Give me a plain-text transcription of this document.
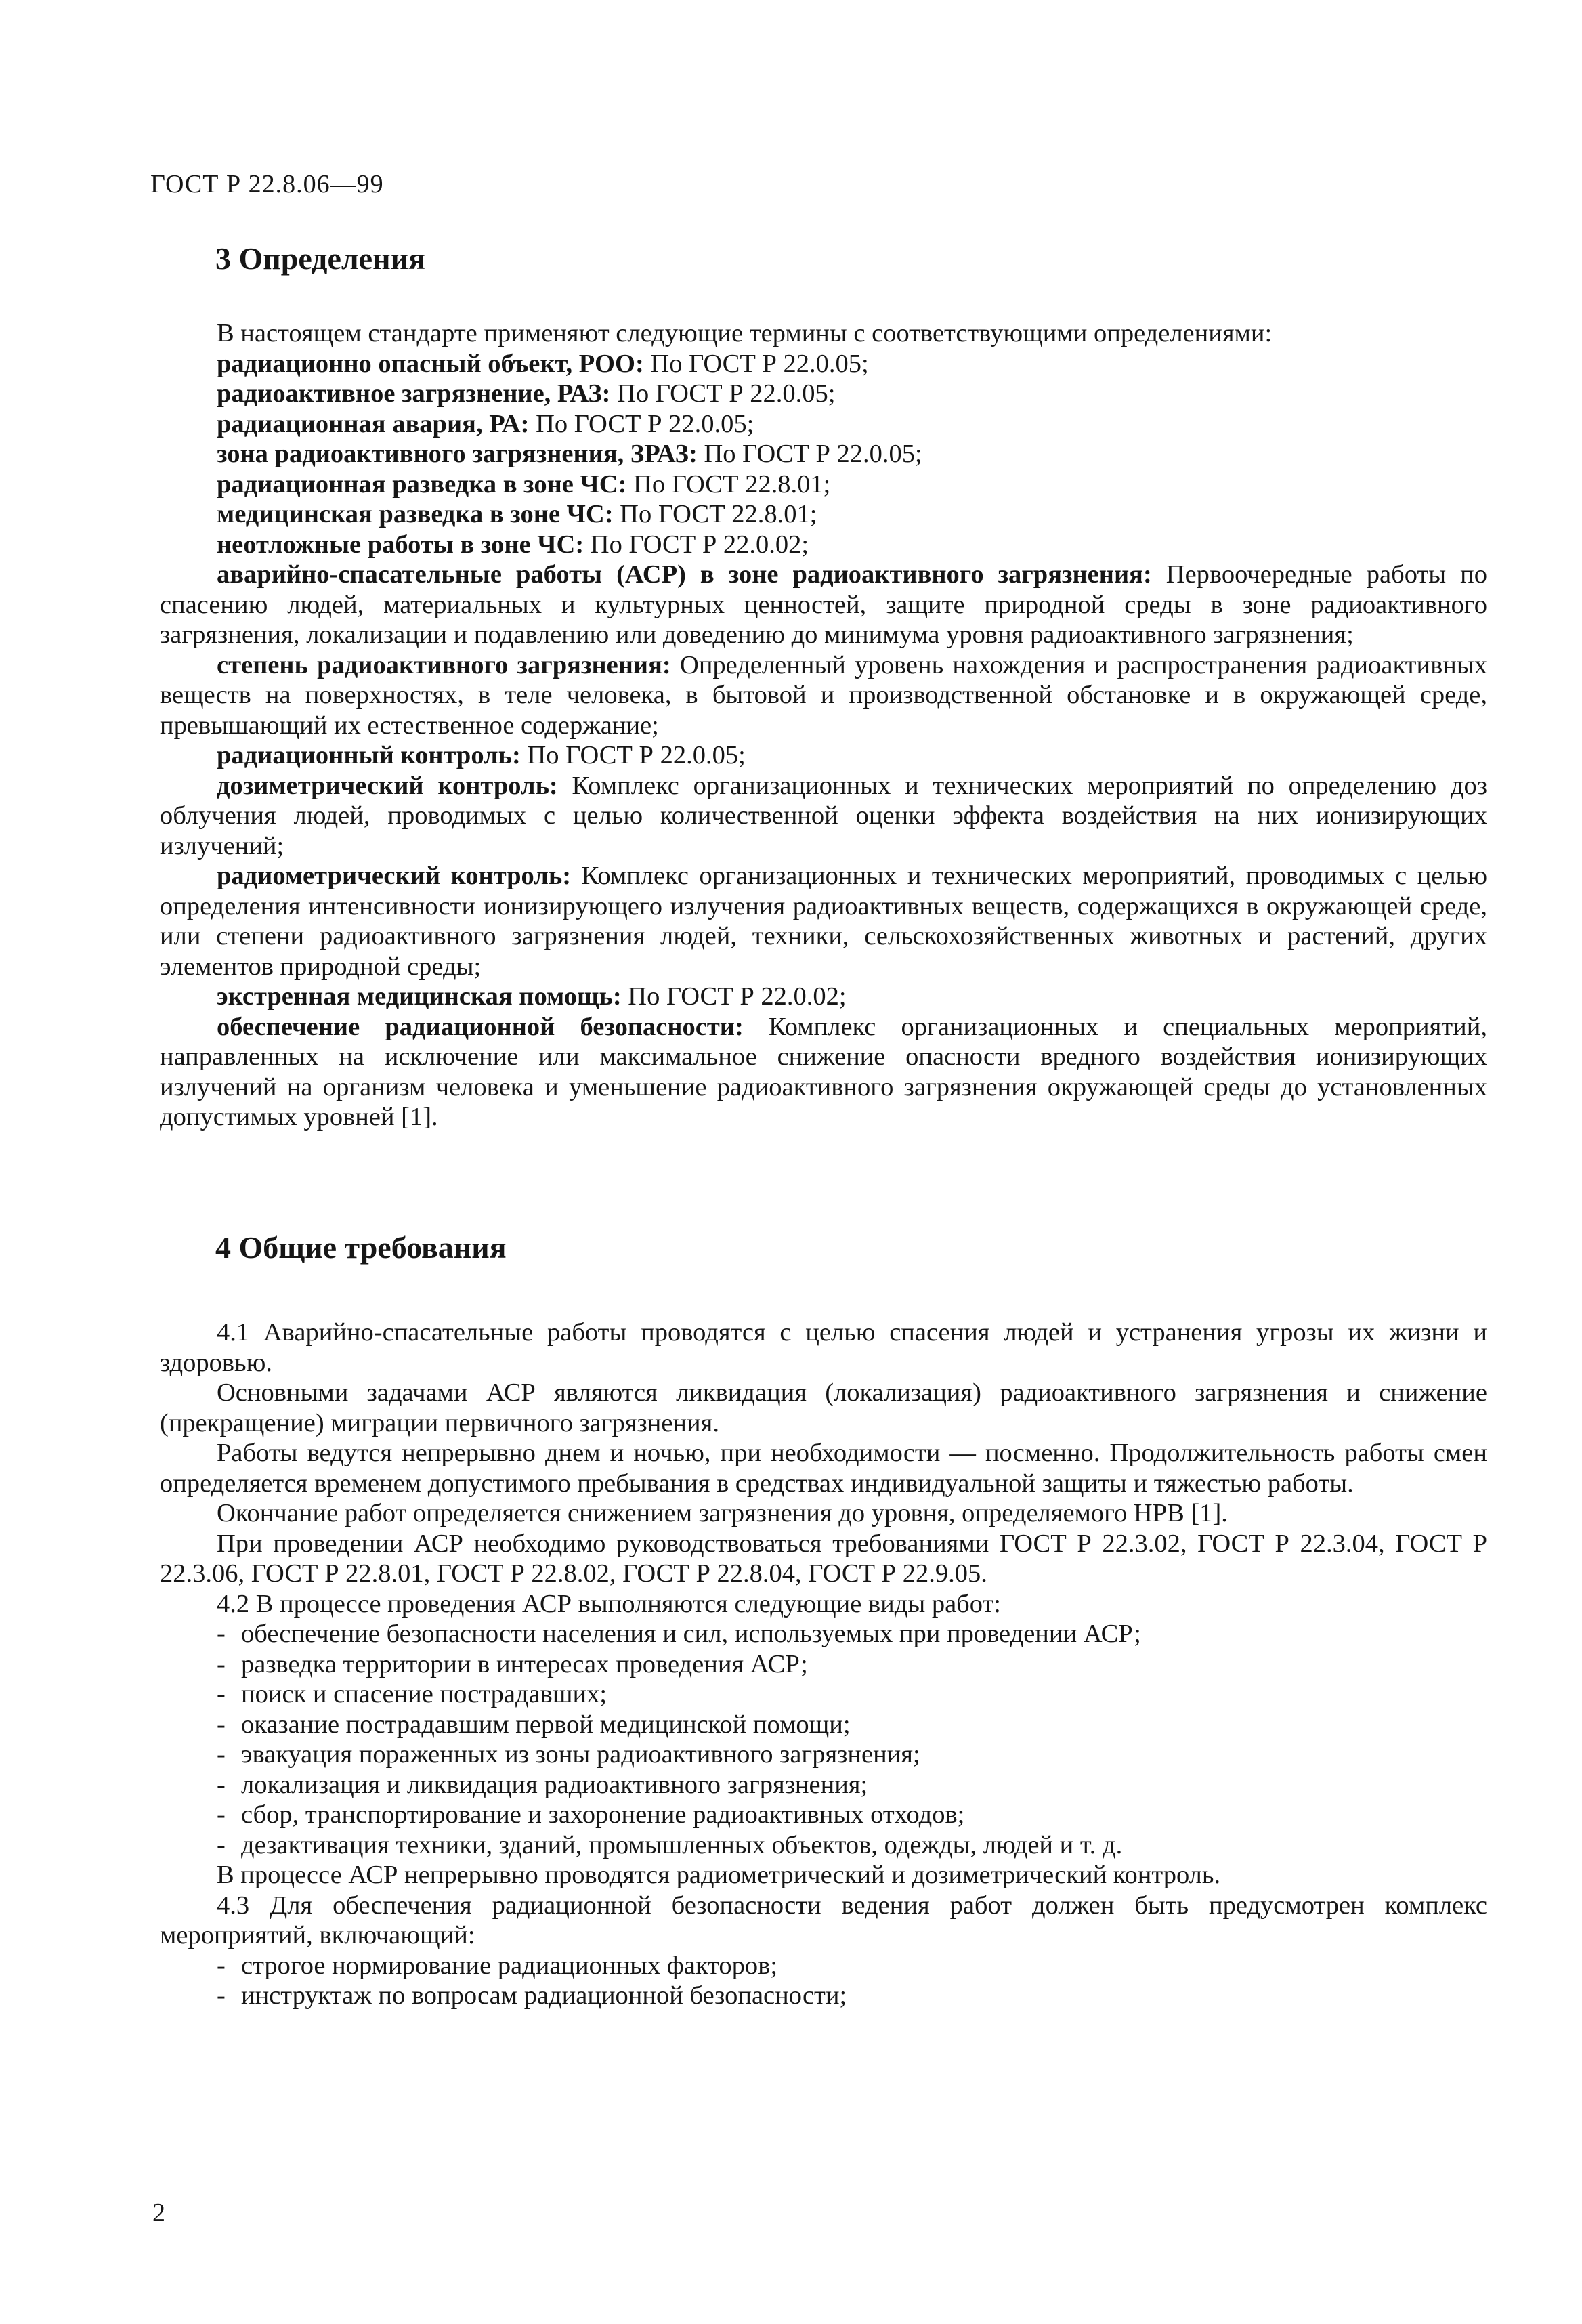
ГОСТ Р 22.8.06—99
3 Определения

В настоящем стандарте применяют следующие термины с соответствующими определениями:

радиационно опасный объект, РОО: По ГОСТ Р 22.0.05;

радиоактивное загрязнение, РАЗ: По ГОСТ Р 22.0.05;

радиационная авария, РА: По ГОСТ Р 22.0.05;

зона радиоактивного загрязнения, ЗРАЗ: По ГОСТ Р 22.0.05;

радиационная разведка в зоне ЧС: По ГОСТ 22.8.01;

медицинская разведка в зоне ЧС: По ГОСТ 22.8.01;

неотложные работы в зоне ЧС: По ГОСТ Р 22.0.02;

аварийно-спасательные работы (АСР) в зоне радиоактивного загрязнения: Первоочередные работы по спасению людей, материальных и культурных ценностей, защите природной среды в зоне радиоактивного загрязнения, локализации и подавлению или доведению до минимума уровня радиоактивного загрязнения;

степень радиоактивного загрязнения: Определенный уровень нахождения и распространения радиоактивных веществ на поверхностях, в теле человека, в бытовой и производственной обстановке и в окружающей среде, превышающий их естественное содержание;

радиационный контроль: По ГОСТ Р 22.0.05;

дозиметрический контроль: Комплекс организационных и технических мероприятий по определению доз облучения людей, проводимых с целью количественной оценки эффекта воздействия на них ионизирующих излучений;

радиометрический контроль: Комплекс организационных и технических мероприятий, проводимых с целью определения интенсивности ионизирующего излучения радиоактивных веществ, содержащихся в окружающей среде, или степени радиоактивного загрязнения людей, техники, сельскохозяйственных животных и растений, других элементов природной среды;

экстренная медицинская помощь: По ГОСТ Р 22.0.02;

обеспечение радиационной безопасности: Комплекс организационных и специальных мероприятий, направленных на исключение или максимальное снижение опасности вредного воздействия ионизирующих излучений на организм человека и уменьшение радиоактивного загрязнения окружающей среды до установленных допустимых уровней [1].

4 Общие требования

4.1 Аварийно-спасательные работы проводятся с целью спасения людей и устранения угрозы их жизни и здоровью.

Основными задачами АСР являются ликвидация (локализация) радиоактивного загрязнения и снижение (прекращение) миграции первичного загрязнения.

Работы ведутся непрерывно днем и ночью, при необходимости — посменно. Продолжительность работы смен определяется временем допустимого пребывания в средствах индивидуальной защиты и тяжестью работы.

Окончание работ определяется снижением загрязнения до уровня, определяемого НРВ [1].

При проведении АСР необходимо руководствоваться требованиями ГОСТ Р 22.3.02, ГОСТ Р 22.3.04, ГОСТ Р 22.3.06, ГОСТ Р 22.8.01, ГОСТ Р 22.8.02, ГОСТ Р 22.8.04, ГОСТ Р 22.9.05.

4.2 В процессе проведения АСР выполняются следующие виды работ:

- обеспечение безопасности населения и сил, используемых при проведении АСР;
- разведка территории в интересах проведения АСР;
- поиск и спасение пострадавших;
- оказание пострадавшим первой медицинской помощи;
- эвакуация пораженных из зоны радиоактивного загрязнения;
- локализация и ликвидация радиоактивного загрязнения;
- сбор, транспортирование и захоронение радиоактивных отходов;
- дезактивация техники, зданий, промышленных объектов, одежды, людей и т. д.

В процессе АСР непрерывно проводятся радиометрический и дозиметрический контроль.

4.3 Для обеспечения радиационной безопасности ведения работ должен быть предусмотрен комплекс мероприятий, включающий:

- строгое нормирование радиационных факторов;
- инструктаж по вопросам радиационной безопасности;
2
